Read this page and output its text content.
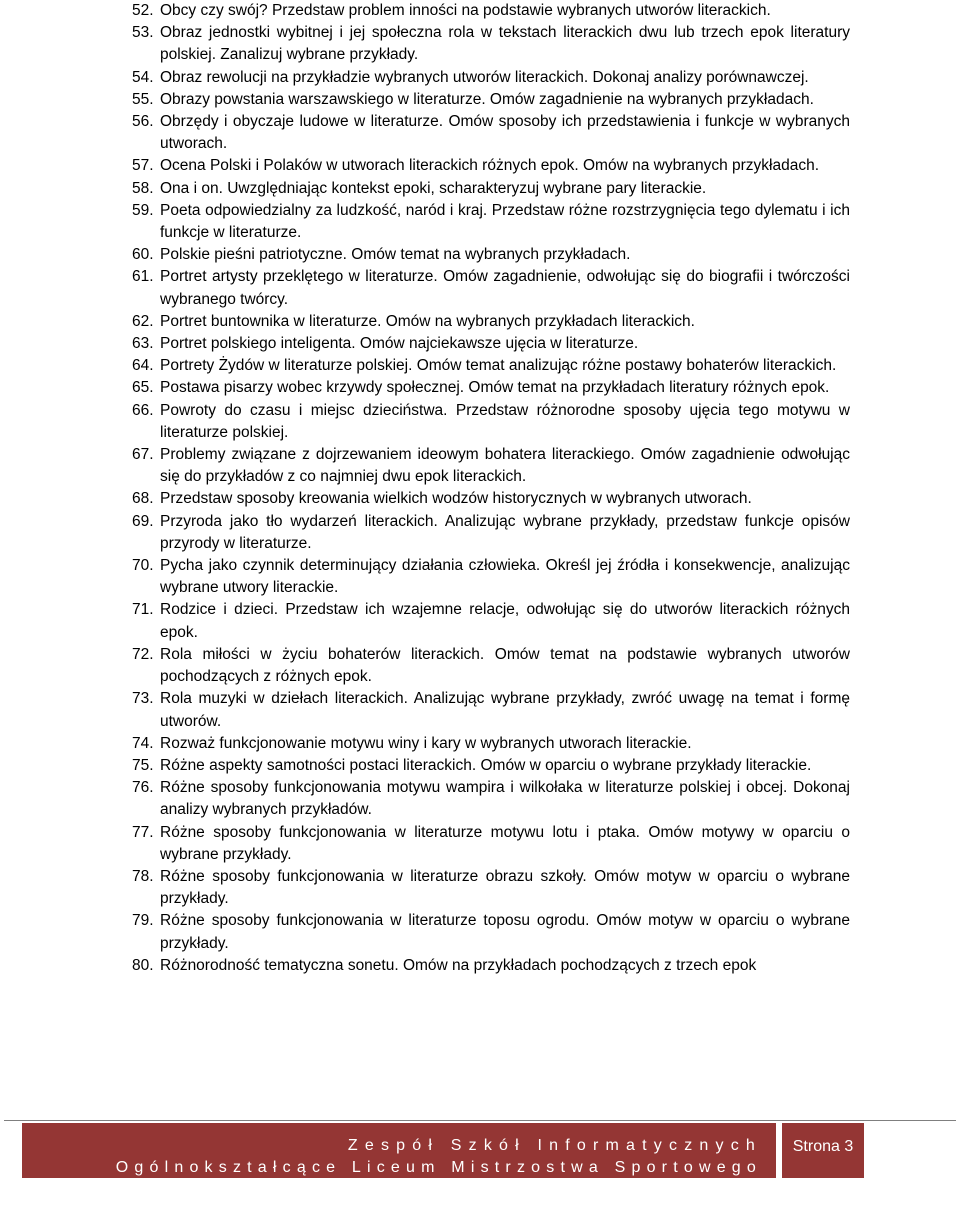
52. Obcy czy swój? Przedstaw problem inności na podstawie wybranych utworów literackich.
53. Obraz jednostki wybitnej i jej społeczna rola w tekstach literackich dwu lub trzech epok literatury polskiej. Zanalizuj wybrane przykłady.
54. Obraz rewolucji na przykładzie wybranych utworów literackich. Dokonaj analizy porównawczej.
55. Obrazy powstania warszawskiego w literaturze. Omów zagadnienie na wybranych przykładach.
56. Obrzędy i obyczaje ludowe w literaturze. Omów sposoby ich przedstawienia i funkcje w wybranych utworach.
57. Ocena Polski i Polaków w utworach literackich różnych epok. Omów na wybranych przykładach.
58. Ona i on. Uwzględniając kontekst epoki, scharakteryzuj wybrane pary literackie.
59. Poeta odpowiedzialny za ludzkość, naród i kraj. Przedstaw różne rozstrzygnięcia tego dylematu i ich funkcje w literaturze.
60. Polskie pieśni patriotyczne. Omów temat na wybranych przykładach.
61. Portret artysty przeklętego w literaturze. Omów zagadnienie, odwołując się do biografii i twórczości wybranego twórcy.
62. Portret buntownika w literaturze. Omów na wybranych przykładach literackich.
63. Portret polskiego inteligenta. Omów najciekawsze ujęcia w literaturze.
64. Portrety Żydów w literaturze polskiej. Omów temat analizując różne postawy bohaterów literackich.
65. Postawa pisarzy wobec krzywdy społecznej. Omów temat na przykładach literatury różnych epok.
66. Powroty do czasu i miejsc dzieciństwa. Przedstaw różnorodne sposoby ujęcia tego motywu w literaturze polskiej.
67. Problemy związane z dojrzewaniem ideowym bohatera literackiego. Omów zagadnienie odwołując się do przykładów z co najmniej dwu epok literackich.
68. Przedstaw sposoby kreowania wielkich wodzów historycznych w wybranych utworach.
69. Przyroda jako tło wydarzeń literackich. Analizując wybrane przykłady, przedstaw funkcje opisów przyrody w literaturze.
70. Pycha jako czynnik determinujący działania człowieka. Określ jej źródła i konsekwencje, analizując wybrane utwory literackie.
71. Rodzice i dzieci. Przedstaw ich wzajemne relacje, odwołując się do utworów literackich różnych epok.
72. Rola miłości w życiu bohaterów literackich. Omów temat na podstawie wybranych utworów pochodzących z różnych epok.
73. Rola muzyki w dziełach literackich. Analizując wybrane przykłady, zwróć uwagę na temat i formę utworów.
74. Rozważ funkcjonowanie motywu winy i kary w wybranych utworach literackie.
75. Różne aspekty samotności postaci literackich. Omów w oparciu o wybrane przykłady literackie.
76. Różne sposoby funkcjonowania motywu wampira i wilkołaka w literaturze polskiej i obcej. Dokonaj analizy wybranych przykładów.
77. Różne sposoby funkcjonowania w literaturze motywu lotu i ptaka. Omów motywy w oparciu o wybrane przykłady.
78. Różne sposoby funkcjonowania w literaturze obrazu szkoły. Omów motyw w oparciu o wybrane przykłady.
79. Różne sposoby funkcjonowania w literaturze toposu ogrodu. Omów motyw w oparciu o wybrane przykłady.
80. Różnorodność tematyczna sonetu. Omów na przykładach pochodzących z trzech epok
Zespół Szkół Informatycznych
Ogólnokształcące Liceum Mistrzostwa Sportowego
Strona 3
